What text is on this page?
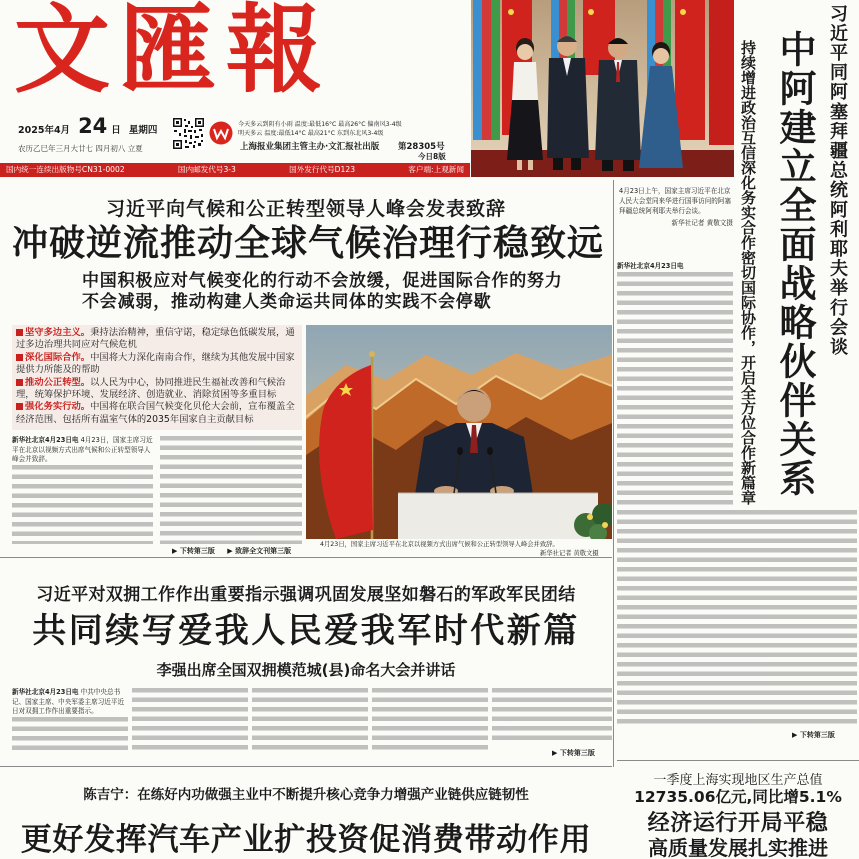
文匯報
2025年4月 24 日 星期四
农历乙巳年三月大廿七 四月初八 立夏
今天多云到阴有小雨 温度:最低16°C 最高26°C 偏南风3-4级
明天多云 温度:最低14°C 最高21°C 东到东北风3-4级
上海报业集团主管主办·文汇报社出版 第28305号
今日8版
国内统一连续出版物号CN31-0002	国内邮发代号3-3	国外发行代号D123	客户端:上观新闻	习近平同阿塞拜疆总统阿利耶夫举行会谈
中阿建立全面战略伙伴关系
持续增进政治互信深化务实合作密切国际协作，开启全方位合作新篇章

4月23日上午，国家主席习近平在北京人民大会堂同来华进行国事访问的阿塞拜疆总统阿利耶夫举行会谈。

新华社记者 黄敬文摄

新华社北京4月23日电

▶ 下转第三版
习近平向气候和公正转型领导人峰会发表致辞
冲破逆流推动全球气候治理行稳致远
中国积极应对气候变化的行动不会放缓，促进国际合作的努力
不会减弱，推动构建人类命运共同体的实践不会停歇

坚守多边主义。秉持法治精神，重信守诺，稳定绿色低碳发展，通过多边治理共同应对气候危机

深化国际合作。中国将大力深化南南合作，继续为其他发展中国家提供力所能及的帮助

推动公正转型。以人民为中心，协同推进民生福祉改善和气候治理，统筹保护环境、发展经济、创造就业、消除贫困等多重目标

强化务实行动。中国将在联合国气候变化贝伦大会前，宣布覆盖全经济范围、包括所有温室气体的2035年国家自主贡献目标

新华社北京4月23日电 4月23日，国家主席习近平在北京以视频方式出席气候和公正转型领导人峰会并致辞。

▶ 下转第三版 ▶ 致辞全文刊第三版
4月23日，国家主席习近平在北京以视频方式出席气候和公正转型领导人峰会并致辞。
新华社记者 黄敬文摄
习近平对双拥工作作出重要指示强调巩固发展坚如磐石的军政军民团结
共同续写爱我人民爱我军时代新篇
李强出席全国双拥模范城(县)命名大会并讲话

新华社北京4月23日电 中共中央总书记、国家主席、中央军委主席习近平近日对双拥工作作出重要指示。

▶ 下转第三版
陈吉宁：在练好内功做强主业中不断提升核心竞争力增强产业链供应链韧性
更好发挥汽车产业扩投资促消费带动作用
一季度上海实现地区生产总值
12735.06亿元,同比增5.1%
经济运行开局平稳
高质量发展扎实推进
